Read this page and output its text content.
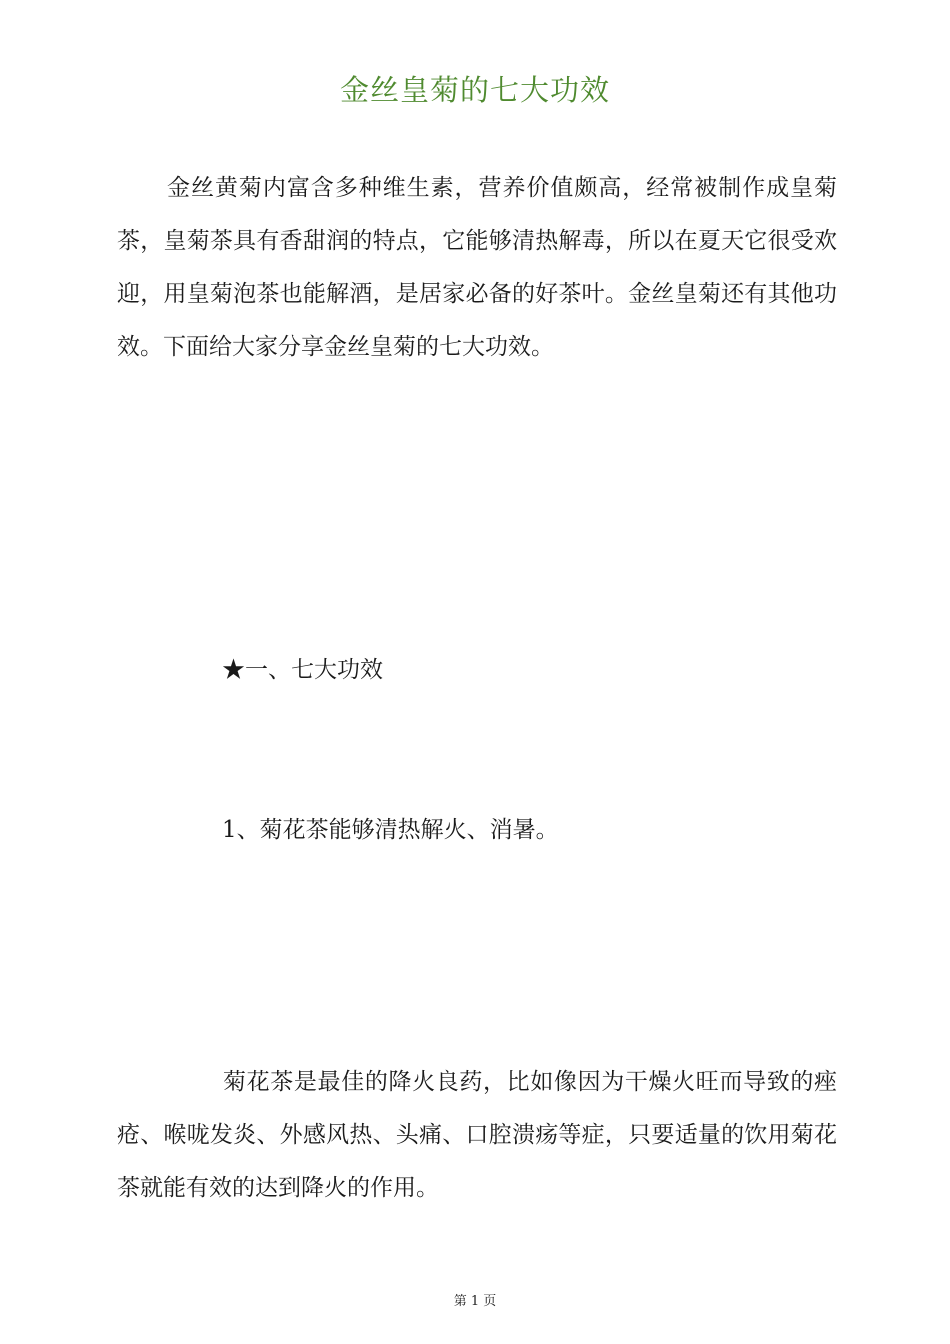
金丝皇菊的七大功效

金丝黄菊内富含多种维生素，营养价值颇高，经常被制作成皇菊茶，皇菊茶具有香甜润的特点，它能够清热解毒，所以在夏天它很受欢迎，用皇菊泡茶也能解酒，是居家必备的好茶叶。金丝皇菊还有其他功效。下面给大家分享金丝皇菊的七大功效。

★一、七大功效
1、菊花茶能够清热解火、消暑。

菊花茶是最佳的降火良药，比如像因为干燥火旺而导致的痤疮、喉咙发炎、外感风热、头痛、口腔溃疡等症，只要适量的饮用菊花茶就能有效的达到降火的作用。

第 1 页
